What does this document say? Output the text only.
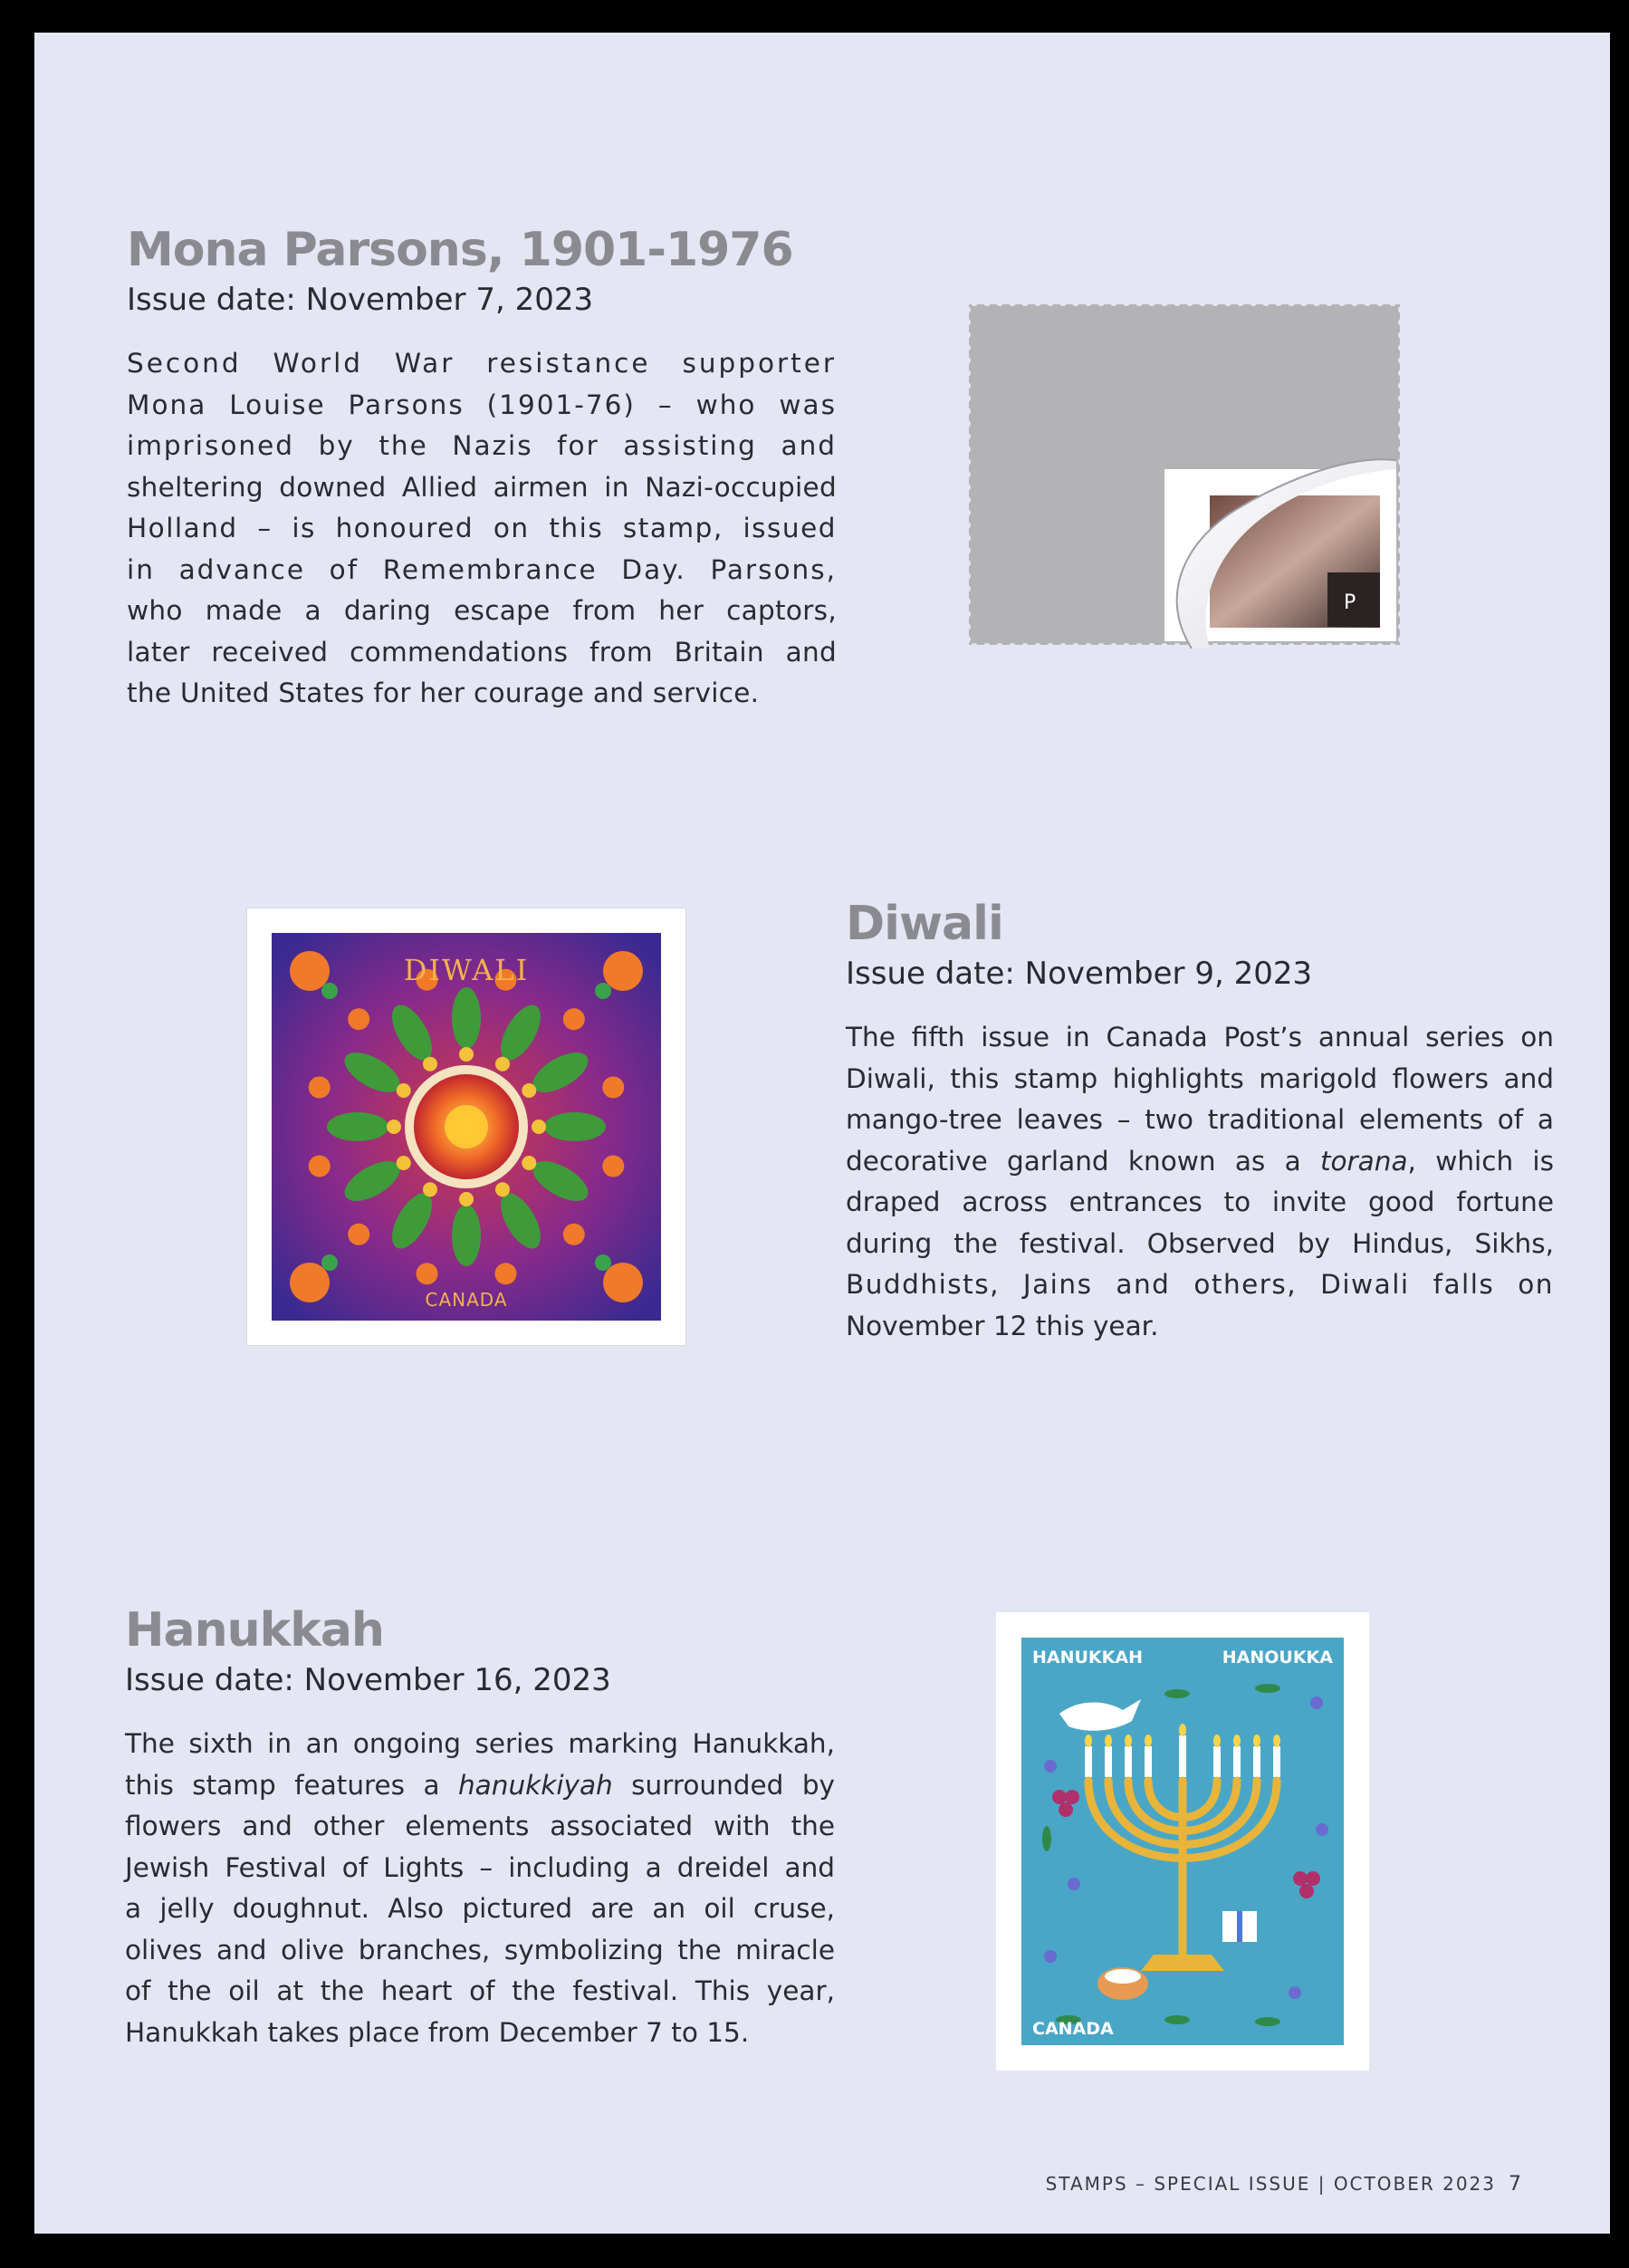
Mona Parsons, 1901-1976
Issue date: November 7, 2023
Second World War resistance supporter
Mona Louise Parsons (1901-76) – who was
imprisoned by the Nazis for assisting and
sheltering downed Allied airmen in Nazi-occupied
Holland – is honoured on this stamp, issued
in advance of Remembrance Day. Parsons,
who made a daring escape from her captors,
later received commendations from Britain and
the United States for her courage and service.
P
Diwali
Issue date: November 9, 2023
The fifth issue in Canada Post’s annual series on
Diwali, this stamp highlights marigold flowers and
mango-tree leaves – two traditional elements of a
decorative garland known as a torana, which is
draped across entrances to invite good fortune
during the festival. Observed by Hindus, Sikhs,
Buddhists, Jains and others, Diwali falls on
November 12 this year.
DIWALI
CANADA
Hanukkah
Issue date: November 16, 2023
The sixth in an ongoing series marking Hanukkah,
this stamp features a hanukkiyah surrounded by
flowers and other elements associated with the
Jewish Festival of Lights – including a dreidel and
a jelly doughnut. Also pictured are an oil cruse,
olives and olive branches, symbolizing the miracle
of the oil at the heart of the festival. This year,
Hanukkah takes place from December 7 to 15.
HANUKKAH	HANOUKKA
CANADA
STAMPS – SPECIAL ISSUE | OCTOBER 2023 7
